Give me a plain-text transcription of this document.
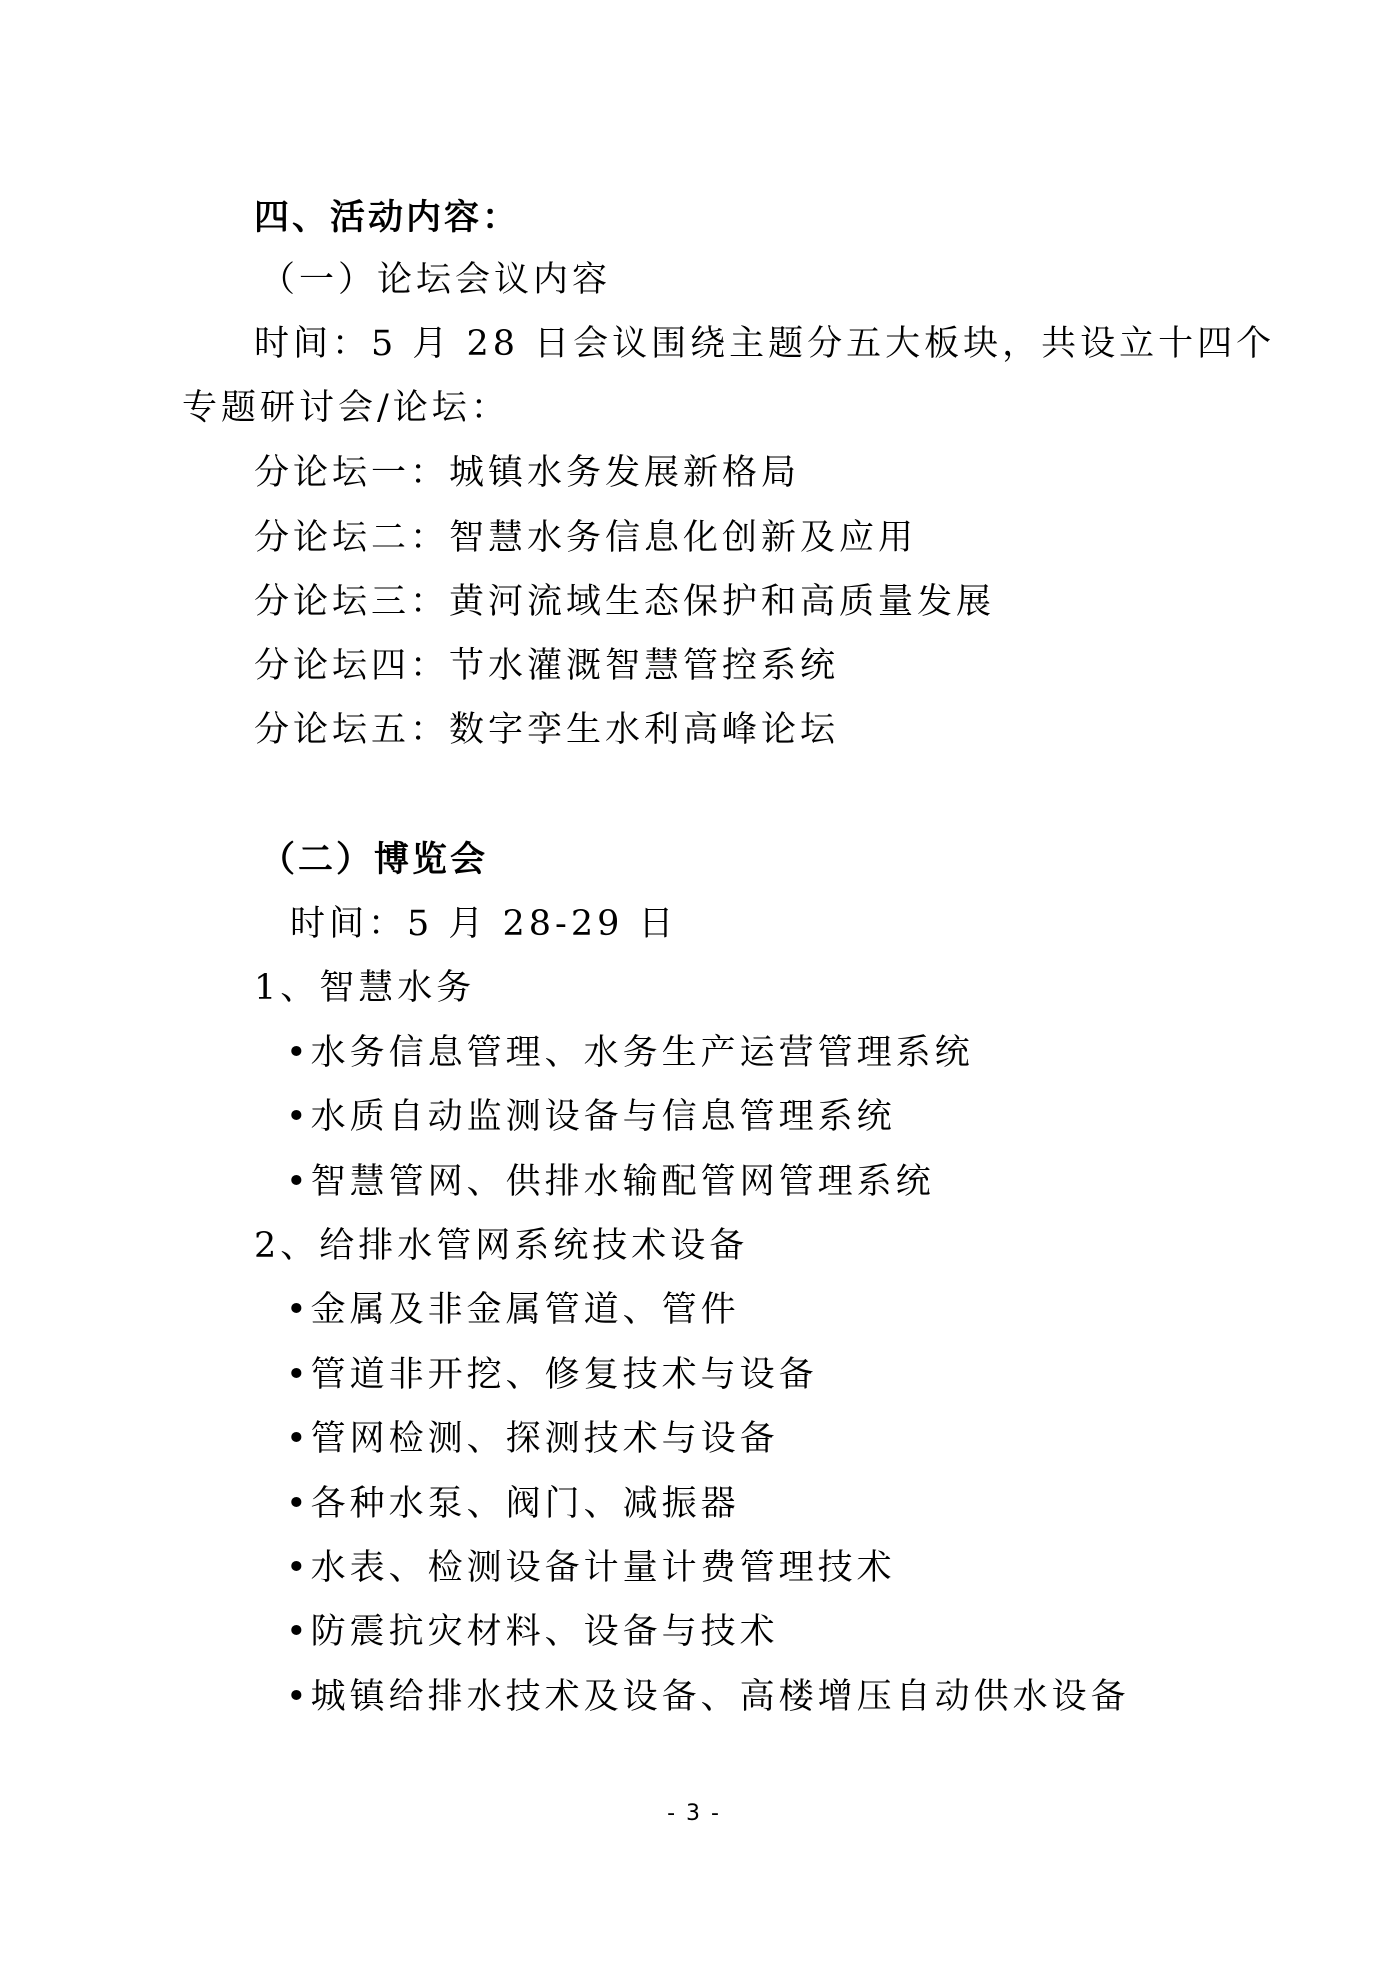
四、活动内容：
（一）论坛会议内容
时间：5 月 28 日会议围绕主题分五大板块，共设立十四个
专题研讨会/论坛：
分论坛一：城镇水务发展新格局
分论坛二：智慧水务信息化创新及应用
分论坛三：黄河流域生态保护和高质量发展
分论坛四：节水灌溉智慧管控系统
分论坛五：数字孪生水利高峰论坛
（二）博览会
时间：5 月 28-29 日
1、智慧水务
•水务信息管理、水务生产运营管理系统
•水质自动监测设备与信息管理系统
•智慧管网、供排水输配管网管理系统
2、给排水管网系统技术设备
•金属及非金属管道、管件
•管道非开挖、修复技术与设备
•管网检测、探测技术与设备
•各种水泵、阀门、减振器
•水表、检测设备计量计费管理技术
•防震抗灾材料、设备与技术
•城镇给排水技术及设备、高楼增压自动供水设备
- 3 -
